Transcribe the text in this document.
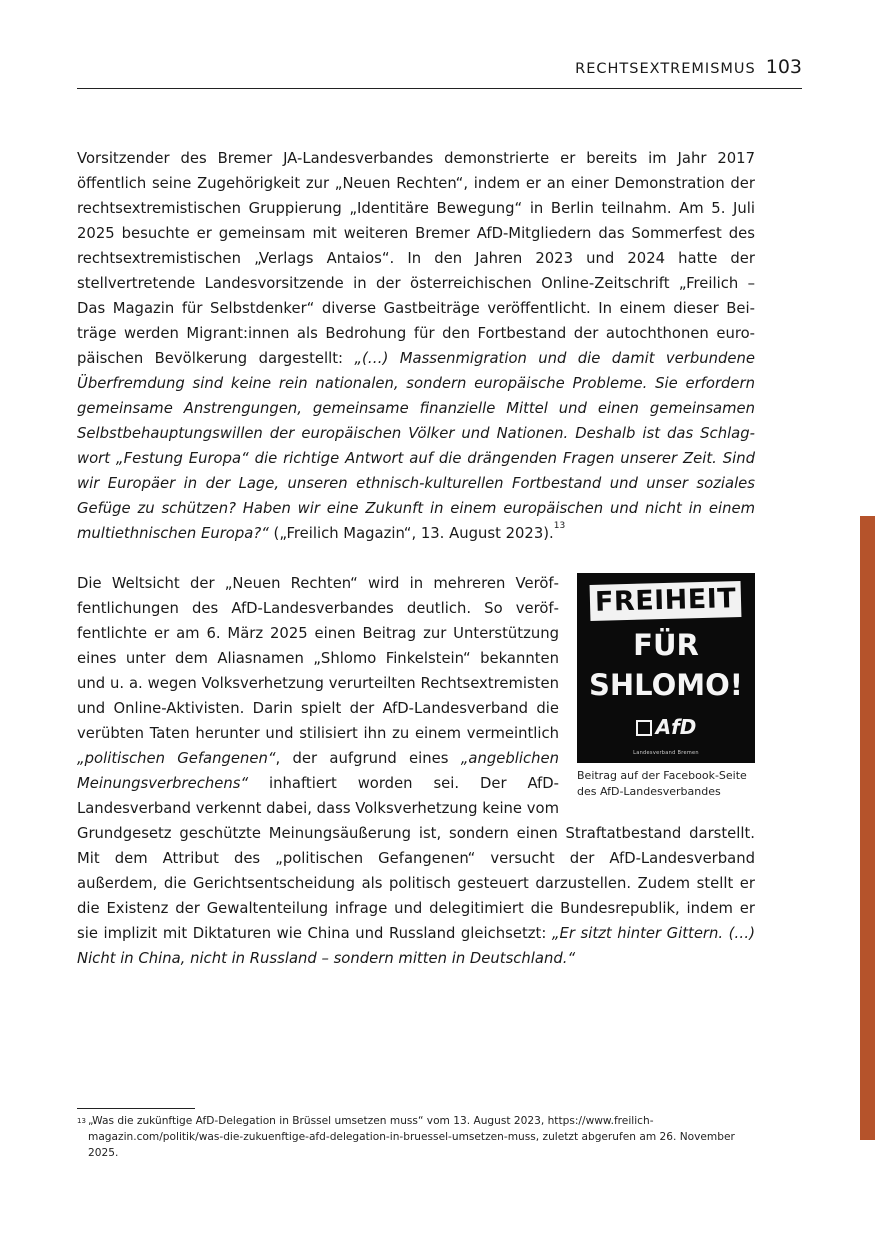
RECHTSEXTREMISMUS 103

Vorsitzender des Bremer JA-Landesverbandes demonstrierte er bereits im Jahr 2017 öffentlich seine Zugehörigkeit zur „Neuen Rechten“, indem er an einer Demonstration der rechtsextremistischen Gruppierung „Identitäre Bewegung“ in Berlin teilnahm. Am 5. Juli 2025 besuchte er gemeinsam mit weiteren Bremer AfD-Mitgliedern das Sommerfest des rechtsextremistischen „Verlags Antaios“. In den Jahren 2023 und 2024 hatte der stellvertretende Landesvorsitzende in der österreichischen Online-Zeitschrift „Freilich – Das Magazin für Selbstdenker“ diverse Gastbeiträge veröffentlicht. In einem dieser Beiträge werden Migrant:innen als Bedrohung für den Fortbestand der autochthonen europäischen Bevölkerung dargestellt: „(…) Massenmigration und die damit verbundene Überfremdung sind keine rein nationalen, sondern europäische Probleme. Sie erfordern gemeinsame Anstrengungen, gemeinsame finanzielle Mittel und einen gemeinsamen Selbstbehauptungswillen der europäischen Völker und Nationen. Deshalb ist das Schlagwort „Festung Europa“ die richtige Antwort auf die drängenden Fragen unserer Zeit. Sind wir Europäer in der Lage, unseren ethnisch-kulturellen Fortbestand und unser soziales Gefüge zu schützen? Haben wir eine Zukunft in einem europäischen und nicht in einem multiethnischen Europa?“ („Freilich Magazin“, 13. August 2023).$^{13}$

FREIHEIT
FÜR
SHLOMO!
AfD
Landesverband Bremen
Beitrag auf der Facebook-Seite des AfD-Landesverbandes
Die Weltsicht der „Neuen Rechten“ wird in mehreren Veröffentlichungen des AfD-Landesverbandes deutlich. So veröffentlichte er am 6. März 2025 einen Beitrag zur Unterstützung eines unter dem Aliasnamen „Shlomo Finkelstein“ bekannten und u. a. wegen Volksverhetzung verurteilten Rechtsextremisten und Online-Aktivisten. Darin spielt der AfD-Landesverband die verübten Taten herunter und stilisiert ihn zu einem vermeintlich „politischen Gefangenen“, der aufgrund eines „angeblichen Meinungsverbrechens“ inhaftiert worden sei. Der AfD-Landesverband verkennt dabei, dass Volksverhetzung keine vom Grundgesetz geschützte Meinungsäußerung ist, sondern einen Straftatbestand darstellt. Mit dem Attribut des „politischen Gefangenen“ versucht der AfD-Landesverband außerdem, die Gerichtsentscheidung als politisch gesteuert darzustellen. Zudem stellt er die Existenz der Gewaltenteilung infrage und delegitimiert die Bundesrepublik, indem er sie implizit mit Diktaturen wie China und Russland gleichsetzt: „Er sitzt hinter Gittern. (…) Nicht in China, nicht in Russland – sondern mitten in Deutschland.“
13 „Was die zukünftige AfD-Delegation in Brüssel umsetzen muss“ vom 13. August 2023, https://www.freilich-magazin.com/politik/was-die-zukuenftige-afd-delegation-in-bruessel-umsetzen-muss, zuletzt abgerufen am 26. November 2025.
